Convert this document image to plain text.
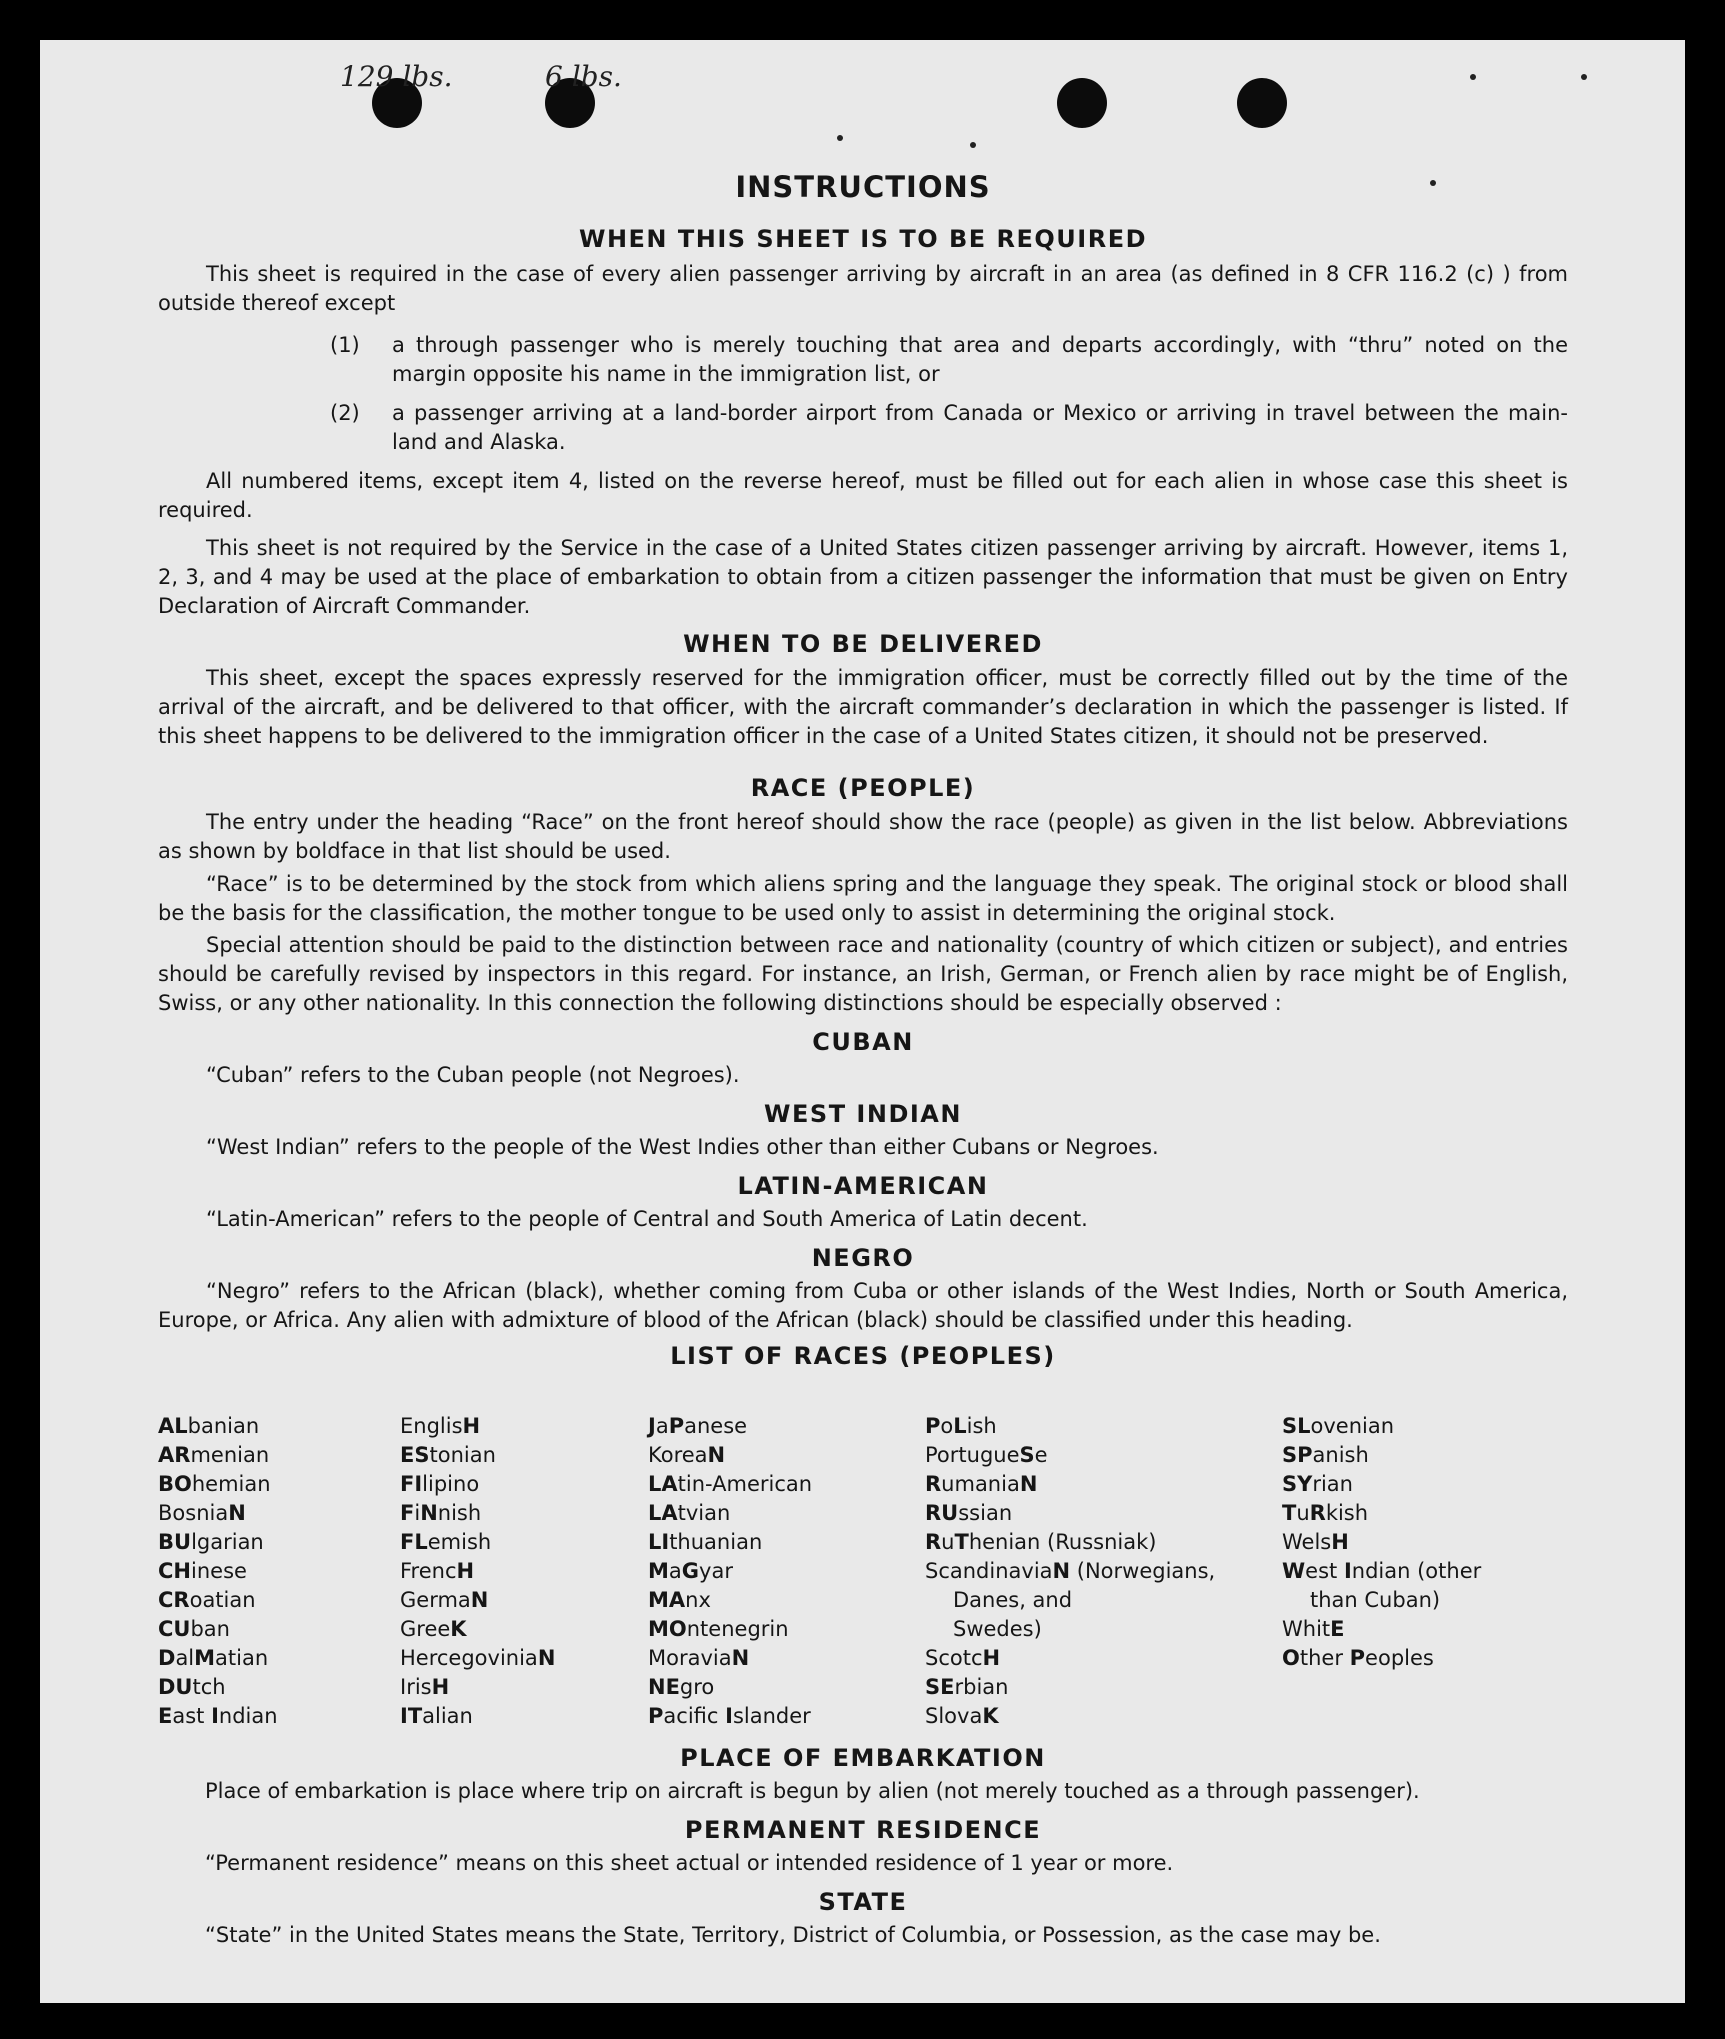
129 lbs.	6 lbs.
INSTRUCTIONS
WHEN THIS SHEET IS TO BE REQUIRED

This sheet is required in the case of every alien passenger arriving by aircraft in an area (as defined in 8 CFR 116.2 (c) ) from outside thereof except

(1) a through passenger who is merely touching that area and departs accordingly, with “thru” noted on the margin opposite his name in the immigration list, or
(2) a passenger arriving at a land-border airport from Canada or Mexico or arriving in travel between the main-land and Alaska.

All numbered items, except item 4, listed on the reverse hereof, must be filled out for each alien in whose case this sheet is required.

This sheet is not required by the Service in the case of a United States citizen passenger arriving by aircraft. However, items 1, 2, 3, and 4 may be used at the place of embarkation to obtain from a citizen passenger the information that must be given on Entry Declaration of Aircraft Commander.

WHEN TO BE DELIVERED

This sheet, except the spaces expressly reserved for the immigration officer, must be correctly filled out by the time of the arrival of the aircraft, and be delivered to that officer, with the aircraft commander’s declaration in which the passenger is listed. If this sheet happens to be delivered to the immigration officer in the case of a United States citizen, it should not be preserved.

RACE (PEOPLE)

The entry under the heading “Race” on the front hereof should show the race (people) as given in the list below. Abbreviations as shown by boldface in that list should be used.

“Race” is to be determined by the stock from which aliens spring and the language they speak. The original stock or blood shall be the basis for the classification, the mother tongue to be used only to assist in determining the original stock.

Special attention should be paid to the distinction between race and nationality (country of which citizen or subject), and entries should be carefully revised by inspectors in this regard. For instance, an Irish, German, or French alien by race might be of English, Swiss, or any other nationality. In this connection the following distinctions should be especially observed :

CUBAN
“Cuban” refers to the Cuban people (not Negroes).
WEST INDIAN
“West Indian” refers to the people of the West Indies other than either Cubans or Negroes.
LATIN-AMERICAN
“Latin-American” refers to the people of Central and South America of Latin decent.
NEGRO

“Negro” refers to the African (black), whether coming from Cuba or other islands of the West Indies, North or South America, Europe, or Africa. Any alien with admixture of blood of the African (black) should be classified under this heading.

LIST OF RACES (PEOPLES)
ALbanian
ARmenian
BOhemian
BosniaN
BUlgarian
CHinese
CRoatian
CUban
DalMatian
DUtch
East Indian
EnglisH
EStonian
FIlipino
FiNnish
FLemish
FrencH
GermaN
GreeK
HercegoviniaN
IrisH
ITalian
JaPanese
KoreaN
LAtin-American
LAtvian
LIthuanian
MaGyar
MAnx
MOntenegrin
MoraviaN
NEgro
Pacific Islander
PoLish
PortugueSe
RumaniaN
RUssian
RuThenian (Russniak)
ScandinaviaN (Norwegians,
Danes, and
Swedes)
ScotcH
SErbian
SlovaK
SLovenian
SPanish
SYrian
TuRkish
WelsH
West Indian (other
than Cuban)
WhitE
Other Peoples
PLACE OF EMBARKATION
Place of embarkation is place where trip on aircraft is begun by alien (not merely touched as a through passenger).
PERMANENT RESIDENCE
“Permanent residence” means on this sheet actual or intended residence of 1 year or more.
STATE
“State” in the United States means the State, Territory, District of Columbia, or Possession, as the case may be.
